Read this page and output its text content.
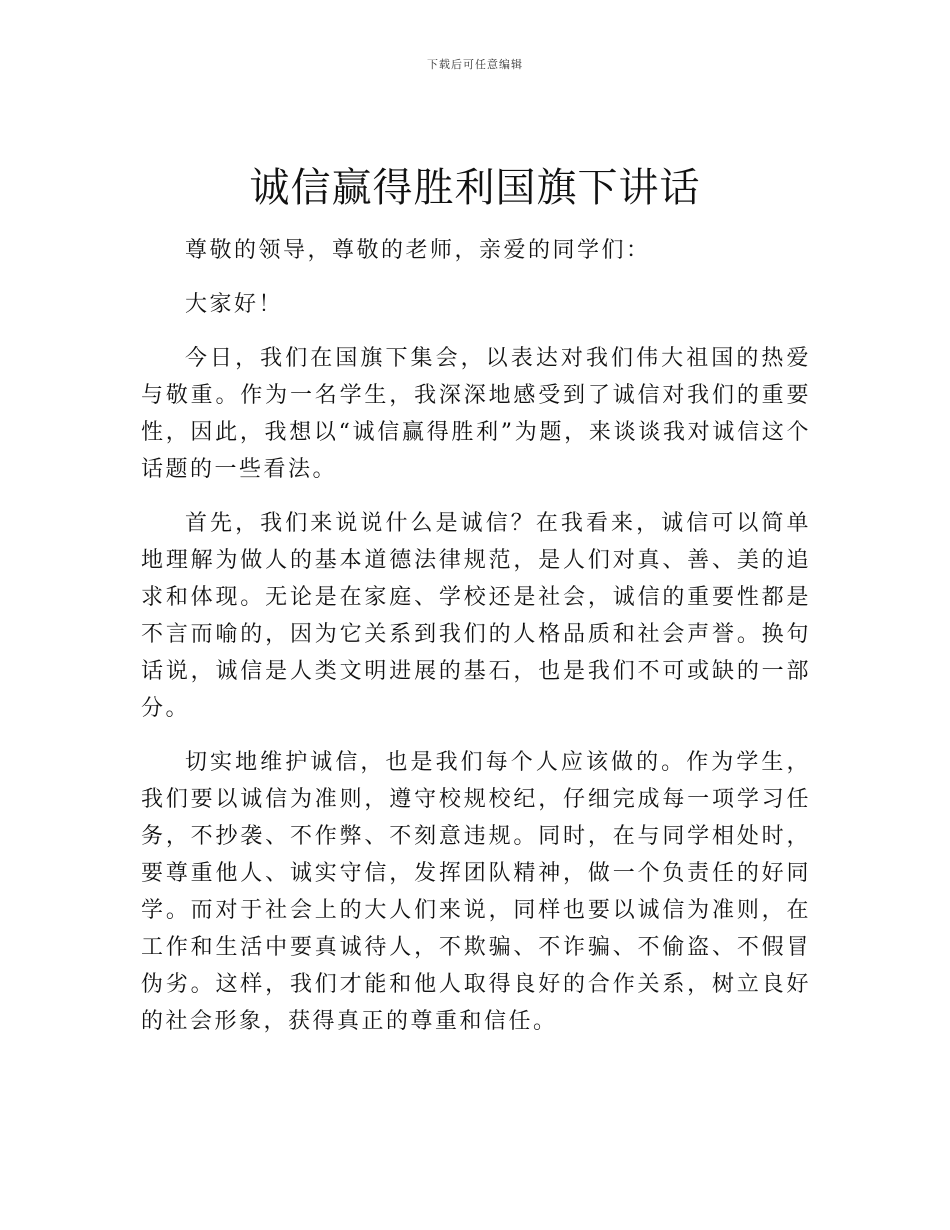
下载后可任意编辑
诚信赢得胜利国旗下讲话

尊敬的领导，尊敬的老师，亲爱的同学们：

大家好！

今日，我们在国旗下集会，以表达对我们伟大祖国的热爱与敬重。作为一名学生，我深深地感受到了诚信对我们的重要性，因此，我想以“诚信赢得胜利”为题，来谈谈我对诚信这个话题的一些看法。

首先，我们来说说什么是诚信？在我看来，诚信可以简单地理解为做人的基本道德法律规范，是人们对真、善、美的追求和体现。无论是在家庭、学校还是社会，诚信的重要性都是不言而喻的，因为它关系到我们的人格品质和社会声誉。换句话说，诚信是人类文明进展的基石，也是我们不可或缺的一部分。

切实地维护诚信，也是我们每个人应该做的。作为学生，我们要以诚信为准则，遵守校规校纪，仔细完成每一项学习任务，不抄袭、不作弊、不刻意违规。同时，在与同学相处时，要尊重他人、诚实守信，发挥团队精神，做一个负责任的好同学。而对于社会上的大人们来说，同样也要以诚信为准则，在工作和生活中要真诚待人，不欺骗、不诈骗、不偷盗、不假冒伪劣。这样，我们才能和他人取得良好的合作关系，树立良好的社会形象，获得真正的尊重和信任。
